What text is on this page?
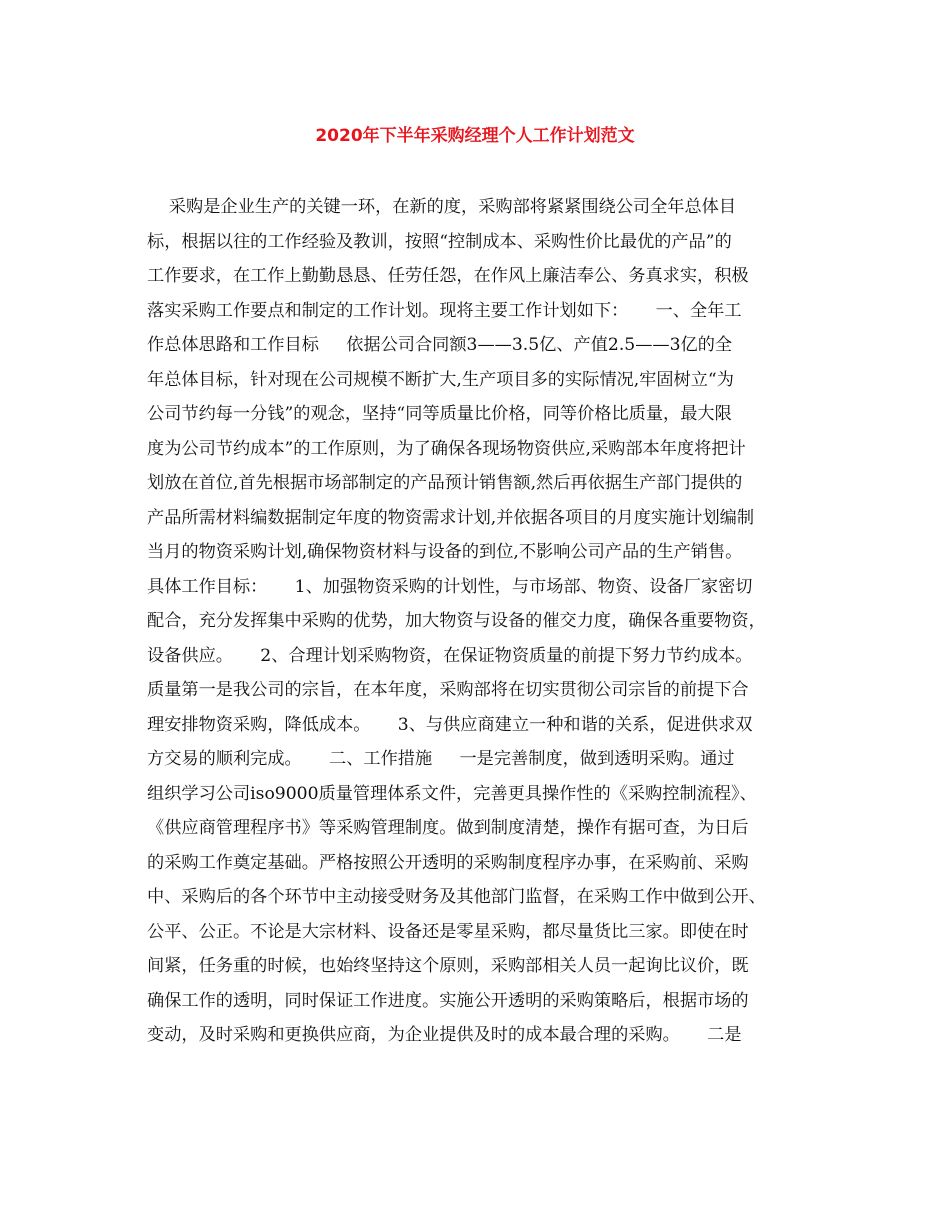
2020年下半年采购经理个人工作计划范文
采购是企业生产的关键一环，在新的度，采购部将紧紧围绕公司全年总体目
标，根据以往的工作经验及教训，按照“控制成本、采购性价比最优的产品”的
工作要求，在工作上勤勤恳恳、任劳任怨，在作风上廉洁奉公、务真求实，积极
落实采购工作要点和制定的工作计划。现将主要工作计划如下：     一、全年工
作总体思路和工作目标     依据公司合同额3——3.5亿、产值2.5——3亿的全
年总体目标，针对现在公司规模不断扩大,生产项目多的实际情况,牢固树立“为
公司节约每一分钱”的观念，坚持“同等质量比价格，同等价格比质量，最大限
度为公司节约成本”的工作原则，为了确保各现场物资供应,采购部本年度将把计
划放在首位,首先根据市场部制定的产品预计销售额,然后再依据生产部门提供的
产品所需材料编数据制定年度的物资需求计划,并依据各项目的月度实施计划编制
当月的物资采购计划,确保物资材料与设备的到位,不影响公司产品的生产销售。
具体工作目标：     1、加强物资采购的计划性，与市场部、物资、设备厂家密切
配合，充分发挥集中采购的优势，加大物资与设备的催交力度，确保各重要物资，
设备供应。     2、合理计划采购物资，在保证物资质量的前提下努力节约成本。
质量第一是我公司的宗旨，在本年度，采购部将在切实贯彻公司宗旨的前提下合
理安排物资采购，降低成本。     3、与供应商建立一种和谐的关系，促进供求双
方交易的顺利完成。     二、工作措施     一是完善制度，做到透明采购。通过
组织学习公司iso9000质量管理体系文件，完善更具操作性的《采购控制流程》、
《供应商管理程序书》等采购管理制度。做到制度清楚，操作有据可查，为日后
的采购工作奠定基础。严格按照公开透明的采购制度程序办事，在采购前、采购
中、采购后的各个环节中主动接受财务及其他部门监督，在采购工作中做到公开、
公平、公正。不论是大宗材料、设备还是零星采购，都尽量货比三家。即使在时
间紧，任务重的时候，也始终坚持这个原则，采购部相关人员一起询比议价，既
确保工作的透明，同时保证工作进度。实施公开透明的采购策略后，根据市场的
变动，及时采购和更换供应商，为企业提供及时的成本最合理的采购。     二是
